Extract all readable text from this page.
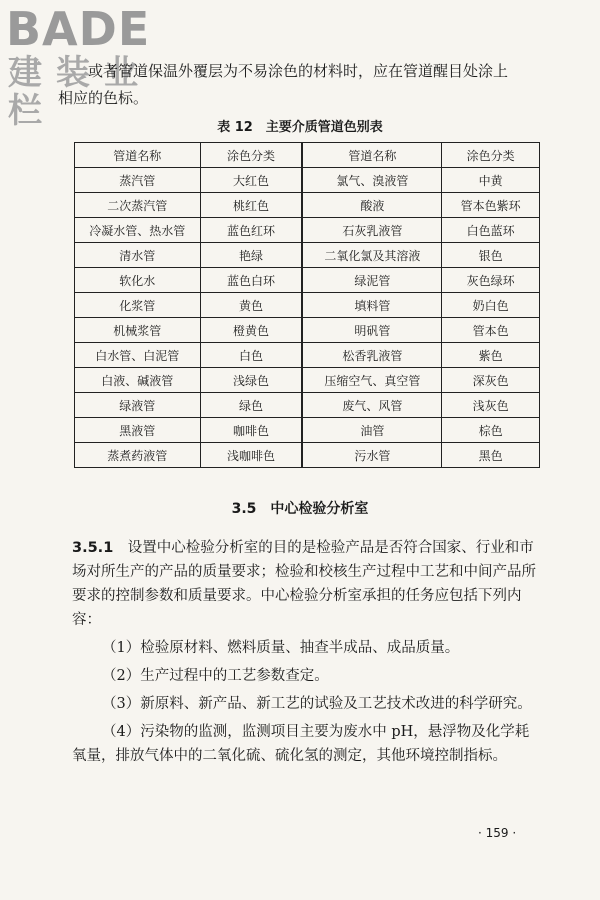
BADE
建装业栏

或者管道保温外覆层为不易涂色的材料时，应在管道醒目处涂上

相应的色标。

表 12　主要介质管道色别表
管道名称	涂色分类	管道名称	涂色分类
蒸汽管	大红色	氯气、溴液管	中黄
二次蒸汽管	桃红色	酸液	管本色紫环
冷凝水管、热水管	蓝色红环	石灰乳液管	白色蓝环
清水管	艳绿	二氧化氯及其溶液	银色
软化水	蓝色白环	绿泥管	灰色绿环
化浆管	黄色	填料管	奶白色
机械浆管	橙黄色	明矾管	管本色
白水管、白泥管	白色	松香乳液管	紫色
白液、碱液管	浅绿色	压缩空气、真空管	深灰色
绿液管	绿色	废气、风管	浅灰色
黑液管	咖啡色	油管	棕色
蒸煮药液管	浅咖啡色	污水管	黑色
3.5　中心检验分析室

3.5.1　 设置中心检验分析室的目的是检验产品是否符合国家、行业和市场对所生产的产品的质量要求；检验和校核生产过程中工艺和中间产品所要求的控制参数和质量要求。中心检验分析室承担的任务应包括下列内容：

（1）检验原材料、燃料质量、抽查半成品、成品质量。

（2）生产过程中的工艺参数查定。

（3）新原料、新产品、新工艺的试验及工艺技术改进的科学研究。

（4）污染物的监测，监测项目主要为废水中 pH，悬浮物及化学耗氧量，排放气体中的二氧化硫、硫化氢的测定，其他环境控制指标。

· 159 ·
